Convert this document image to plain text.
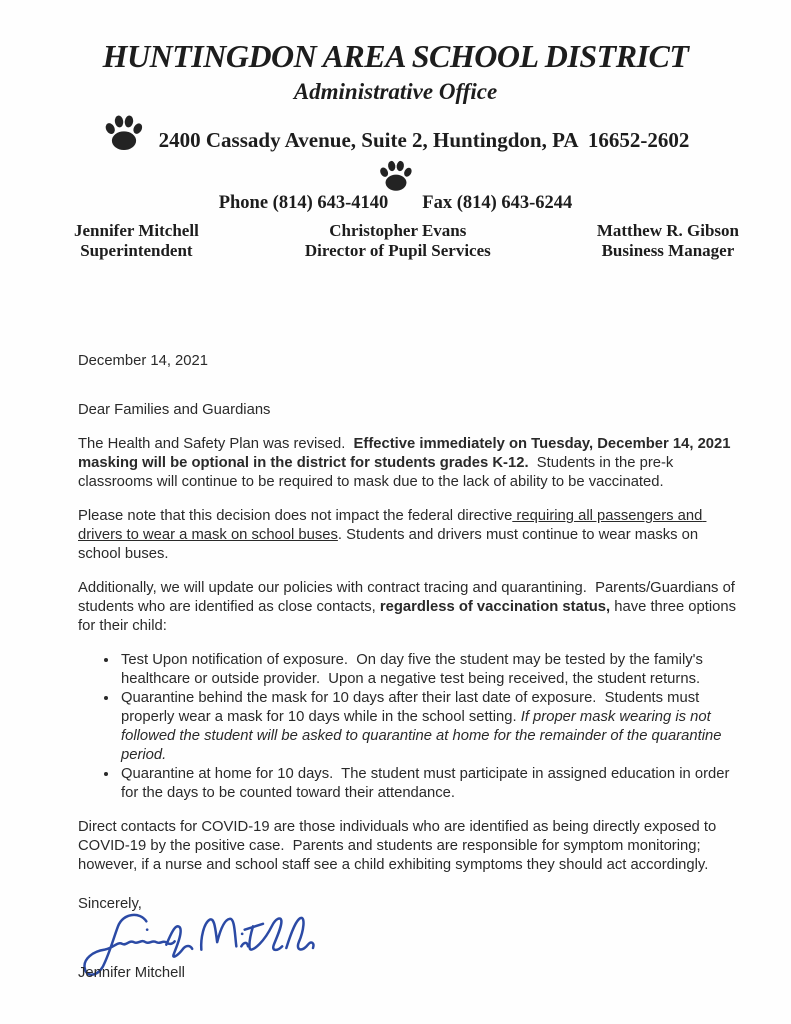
HUNTINGDON AREA SCHOOL DISTRICT
Administrative Office
2400 Cassady Avenue, Suite 2, Huntingdon, PA  16652-2602
Phone (814) 643-4140 Fax (814) 643-6244
Jennifer Mitchell
Superintendent
Christopher Evans
Director of Pupil Services
Matthew R. Gibson
Business Manager

December 14, 2021

Dear Families and Guardians

The Health and Safety Plan was revised.  Effective immediately on Tuesday, December 14, 2021 masking will be optional in the district for students grades K-12.  Students in the pre-k classrooms will continue to be required to mask due to the lack of ability to be vaccinated.

Please note that this decision does not impact the federal directive requiring all passengers and drivers to wear a mask on school buses. Students and drivers must continue to wear masks on school buses.

Additionally, we will update our policies with contract tracing and quarantining.  Parents/Guardians of students who are identified as close contacts, regardless of vaccination status, have three options for their child:

• Test Upon notification of exposure.  On day five the student may be tested by the family's healthcare or outside provider.  Upon a negative test being received, the student returns.
• Quarantine behind the mask for 10 days after their last date of exposure.  Students must properly wear a mask for 10 days while in the school setting. If proper mask wearing is not followed the student will be asked to quarantine at home for the remainder of the quarantine period.
• Quarantine at home for 10 days.  The student must participate in assigned education in order for the days to be counted toward their attendance.

Direct contacts for COVID-19 are those individuals who are identified as being directly exposed to COVID-19 by the positive case.  Parents and students are responsible for symptom monitoring; however, if a nurse and school staff see a child exhibiting symptoms they should act accordingly.

Sincerely,

Jennifer Mitchell
